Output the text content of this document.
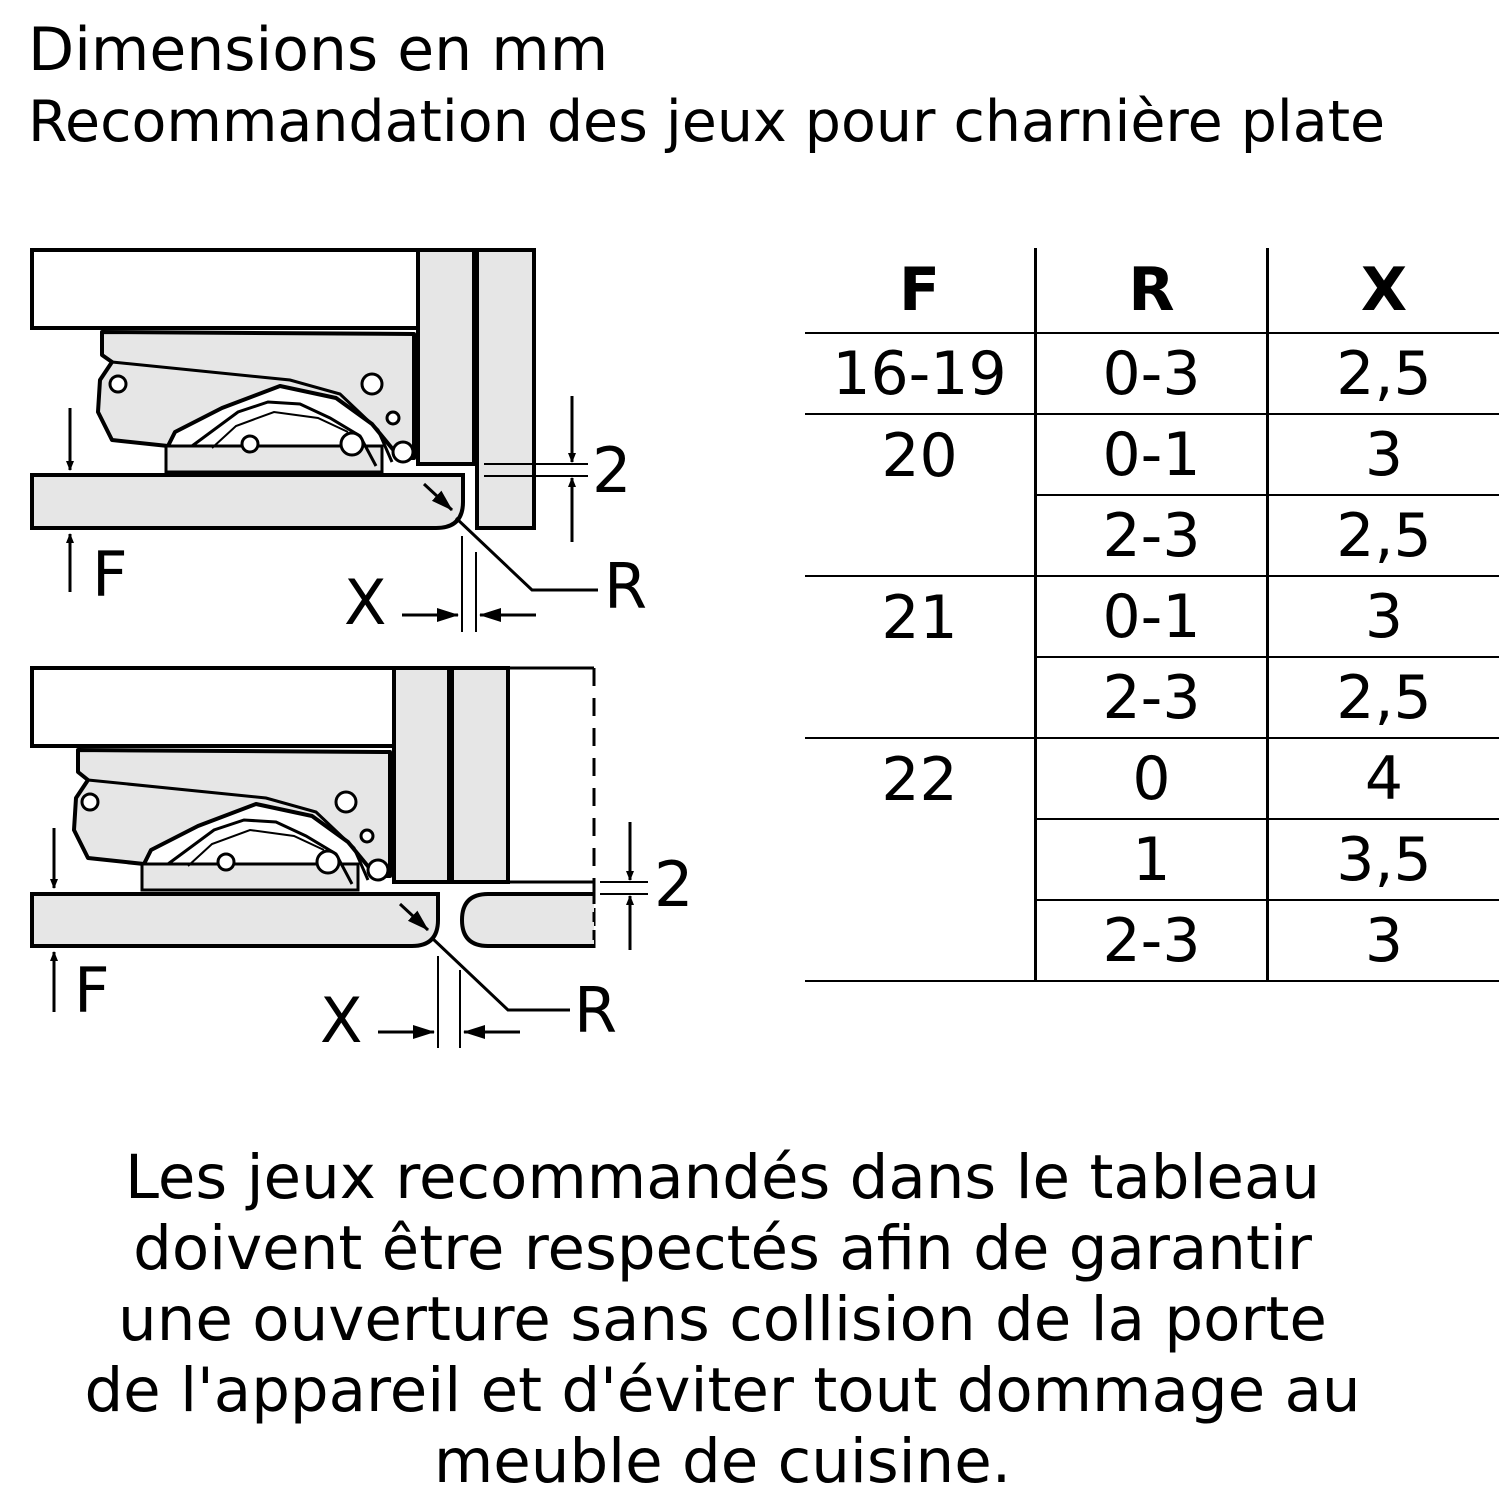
Dimensions en mm
Recommandation des jeux pour charnière plate
F
2
R
X
F
2
R
X
F	R	X
16-19	0-3	2,5
20	0-1	3
	2-3	2,5
21	0-1	3
	2-3	2,5
22	0	4
	1	3,5
	2-3	3
Les jeux recommandés dans le tableau
doivent être respectés afin de garantir
une ouverture sans collision de la porte
de l'appareil et d'éviter tout dommage au
meuble de cuisine.
